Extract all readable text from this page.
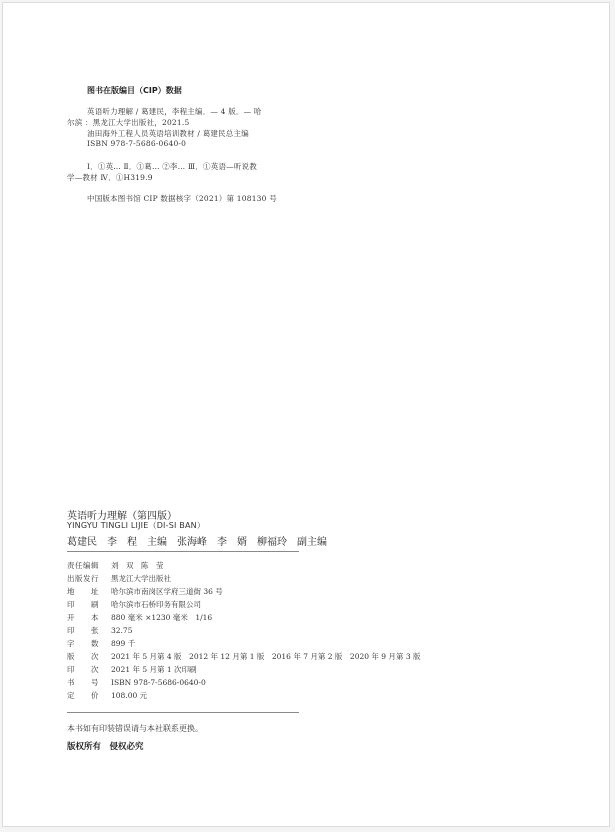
图书在版编目（CIP）数据
英语听力理解 / 葛建民，李程主编．— 4 版．— 哈
尔滨 ：黑龙江大学出版社，2021.5
油田海外工程人员英语培训教材 / 葛建民总主编
ISBN 978-7-5686-0640-0
Ⅰ．①英… Ⅱ．①葛… ②李… Ⅲ．①英语—听说教
学—教材 Ⅳ．①H319.9
中国版本图书馆 CIP 数据核字（2021）第 108130 号
英语听力理解（第四版）
YINGYU TINGLI LIJIE（DI-SI BAN）
葛建民　李　程　主编　张海峰　李　婿　柳福玲　副主编
责任编辑 刘　双　陈　莹
出版发行 黑龙江大学出版社
地　　址 哈尔滨市南岗区学府三道街 36 号
印　　刷 哈尔滨市石桥印务有限公司
开　　本 880 毫米 ×1230 毫米　1/16
印　　张 32.75
字　　数 899 千
版　　次 2021 年 5 月第 4 版　2012 年 12 月第 1 版　2016 年 7 月第 2 版　2020 年 9 月第 3 版
印　　次 2021 年 5 月第 1 次印刷
书　　号 ISBN 978-7-5686-0640-0
定　　价 108.00 元
本书如有印装错误请与本社联系更换。
版权所有　侵权必究
